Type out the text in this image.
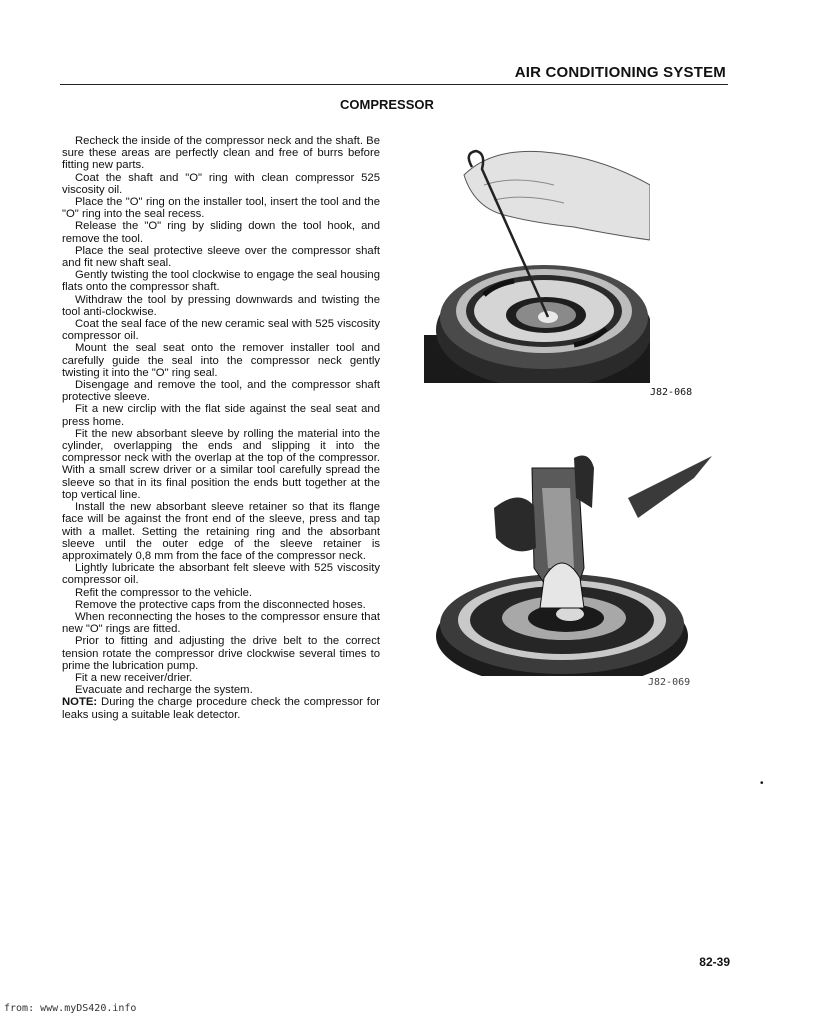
AIR CONDITIONING SYSTEM
COMPRESSOR

Recheck the inside of the compressor neck and the shaft. Be sure these areas are perfectly clean and free of burrs before fitting new parts.

Coat the shaft and "O" ring with clean compressor 525 viscosity oil.

Place the "O" ring on the installer tool, insert the tool and the "O" ring into the seal recess.

Release the "O" ring by sliding down the tool hook, and remove the tool.

Place the seal protective sleeve over the compressor shaft and fit new shaft seal.

Gently twisting the tool clockwise to engage the seal housing flats onto the compressor shaft.

Withdraw the tool by pressing downwards and twisting the tool anti-clockwise.

Coat the seal face of the new ceramic seal with 525 viscosity compressor oil.

Mount the seal seat onto the remover installer tool and carefully guide the seal into the compressor neck gently twisting it into the "O" ring seal.

Disengage and remove the tool, and the compressor shaft protective sleeve.

Fit a new circlip with the flat side against the seal seat and press home.

Fit the new absorbant sleeve by rolling the material into the cylinder, overlapping the ends and slipping it into the compressor neck with the overlap at the top of the compressor. With a small screw driver or a similar tool carefully spread the sleeve so that in its final position the ends butt together at the top vertical line.

Install the new absorbant sleeve retainer so that its flange face will be against the front end of the sleeve, press and tap with a mallet. Setting the retaining ring and the absorbant sleeve until the outer edge of the sleeve retainer is approximately 0,8 mm from the face of the compressor neck.

Lightly lubricate the absorbant felt sleeve with 525 viscosity compressor oil.

Refit the compressor to the vehicle.

Remove the protective caps from the disconnected hoses.

When reconnecting the hoses to the compressor ensure that new "O" rings are fitted.

Prior to fitting and adjusting the drive belt to the correct tension rotate the compressor drive clockwise several times to prime the lubrication pump.

Fit a new receiver/drier.

Evacuate and recharge the system.

NOTE: During the charge procedure check the compressor for leaks using a suitable leak detector.

J82-068
J82-069
•
82-39
from: www.myDS420.info
